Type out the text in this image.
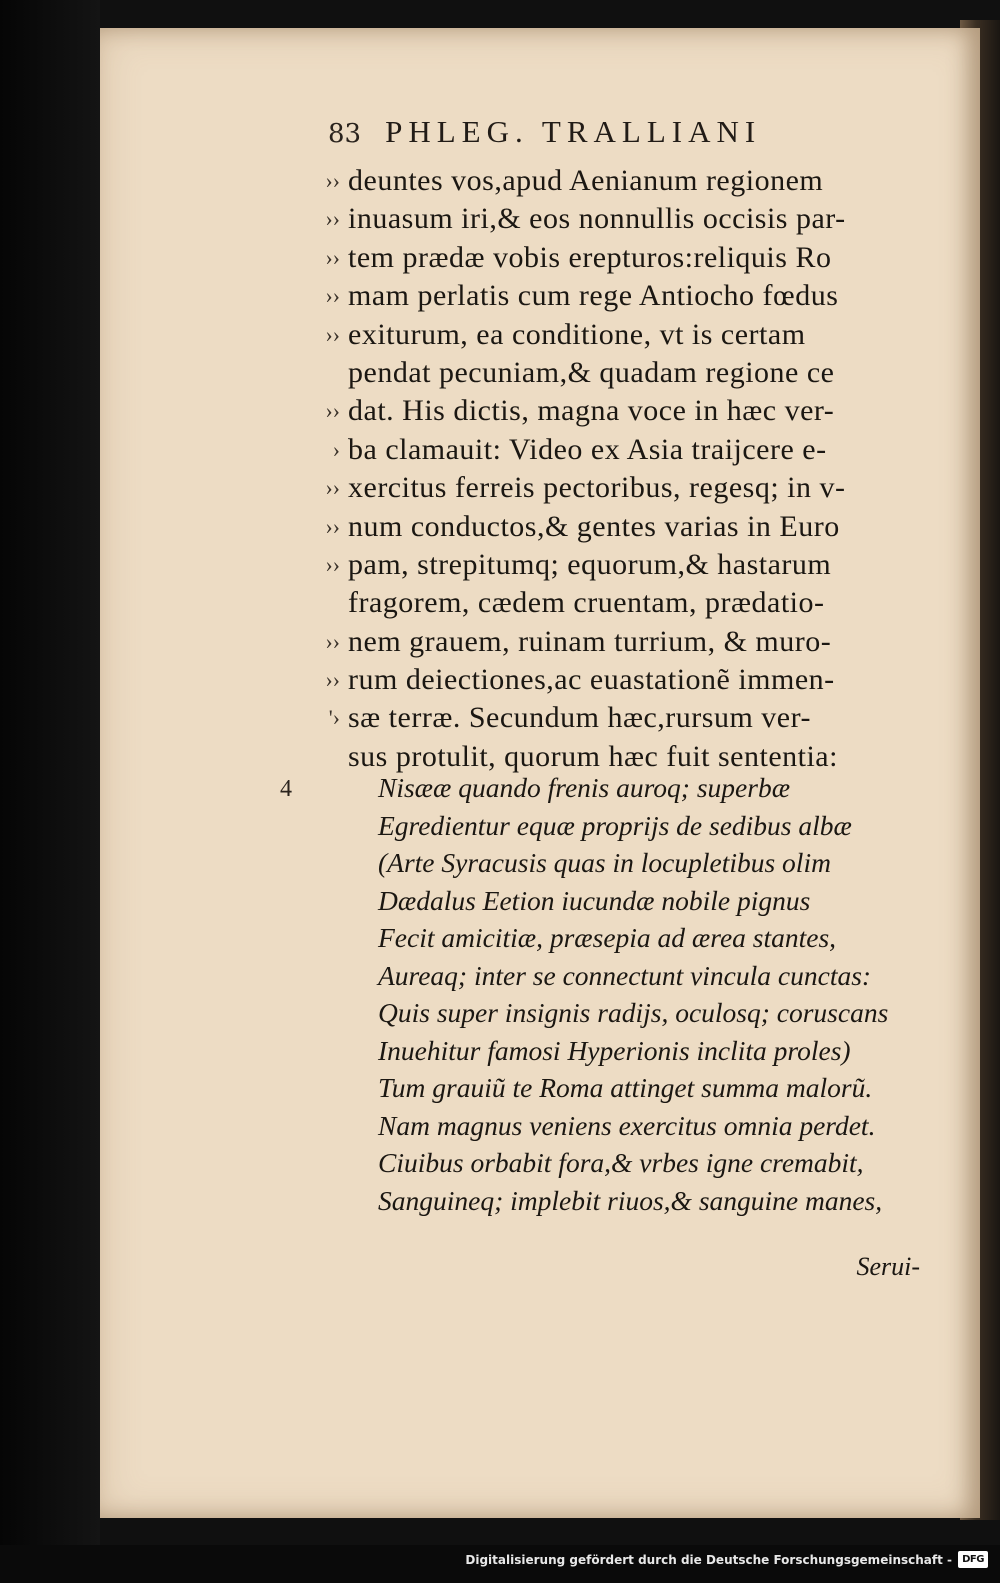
83 PHLEG. TRALLIANI
›› deuntes vos,apud Aenianum regionem
›› inuasum iri,& eos nonnullis occisis par-
›› tem prædæ vobis erepturos:reliquis Ro
›› mam perlatis cum rege Antiocho fœdus
›› exiturum, ea conditione, vt is certam
pendat pecuniam,& quadam regione ce
›› dat. His dictis, magna voce in hæc ver-
› ba clamauit: Video ex Asia traijcere e-
›› xercitus ferreis pectoribus, regesq; in v-
›› num conductos,& gentes varias in Euro
›› pam, strepitumq; equorum,& hastarum
fragorem, cædem cruentam, prædatio-
›› nem grauem, ruinam turrium, & muro-
›› rum deiectiones,ac euastationẽ immen-
'› sæ terræ. Secundum hæc,rursum ver-
sus protulit, quorum hæc fuit sententia:
4	Nisææ quando frenis auroq; superbæ
Egredientur equæ proprijs de sedibus albæ
(Arte Syracusis quas in locupletibus olim
Dædalus Eetion iucundæ nobile pignus
Fecit amicitiæ, præsepia ad ærea stantes,
Aureaq; inter se connectunt vincula cunctas:
Quis super insignis radijs, oculosq; coruscans
Inuehitur famosi Hyperionis inclita proles)
Tum grauiũ te Roma attinget summa malorũ.
Nam magnus veniens exercitus omnia perdet.
Ciuibus orbabit fora,& vrbes igne cremabit,
Sanguineq; implebit riuos,& sanguine manes,
Serui-
Digitalisierung gefördert durch die Deutsche Forschungsgemeinschaft -	DFG
